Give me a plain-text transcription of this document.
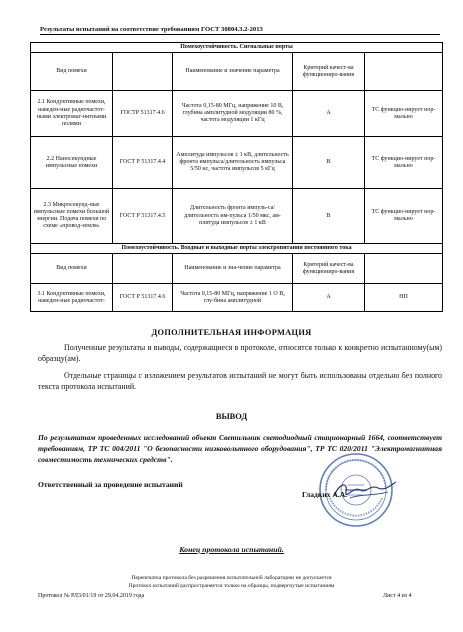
Результаты испытаний на соответствие требованиям ГОСТ 30804.3.2-2013
Помехоустойчивость. Сигнальные порты				
Вид помехи		Наименование и значение параметра	Критерий качест-ва функциониро-вания	
2.1 Кондуктивные помехи, наведен-ные радиочастот-ными электромаг-нитными полями	ГОСТР 51317.4.6	Частота 0,15-80 МГц, напряжение 10 В, глубина амплитудной модуляции 80 %, частота модуляции 1 кГц	А	ТС функцио-нирует нор-мально
2.2 Наносекундные импульсные помехи	ГОСТ Р 51317.4.4	Амплитуда импульсов ± 1 кВ, длительность фронта импульса/длительность импульса 5/50 нс, частота импульсов 5 кГц	В	ТС функцио-нирует нор-мально
2.3 Микросекунд-ные импульсные помехи большой энергии. Подача помехи по схеме «провод-земля»	ГОСТ Р 51317.4.5	Длительность фронта импуль-са/длительность им-пульса 1/50 мкс, ам-плитуда импульсов ± 1 кВ	В	ТС функцио-нирует нор-мально
Помехоустойчивость. Входные и выходные порты электропитания постоянного тока				
Вид помехи		Наименование и зна-чение параметра	Критерий качест-ва функциониро-вания	
3.1 Кондуктивные помехи, наведен-ные радиочастот-	ГОСТ Р 51317.4.6	Частота 0,15-80 МГц, напряжение 1 О В, глу-бина амплитудной	А	НП
ДОПОЛНИТЕЛЬНАЯ ИНФОРМАЦИЯ
Полученные результаты и выводы, содержащиеся в протоколе, относятся только к конкретно испытанному(ым) образцу(ам).
Отдельные страницы с изложением результатов испытаний не могут быть использованы отдельно без полного текста протокола испытаний.
ВЫВОД
По результатам проведенных исследований объект Светильник светодиодный стационарный 1664, соответствует требованиям, ТР ТС 004/2011 "О безопасности низковольтного оборудования", ТР ТС 020/2011 "Электромагнитная совместимость технических средств".
Ответственный за проведение испытаний
Гладких А.А.
Конец протокола испытаний.
Перепечатка протокола без разрешения испытательной лаборатории не допускается
Протокол испытаний распространяется только на образцы, подвергнутые испытаниям
Протокол № РЛ3/01/19 от 29.04.2019 года	Лист 4 из 4
